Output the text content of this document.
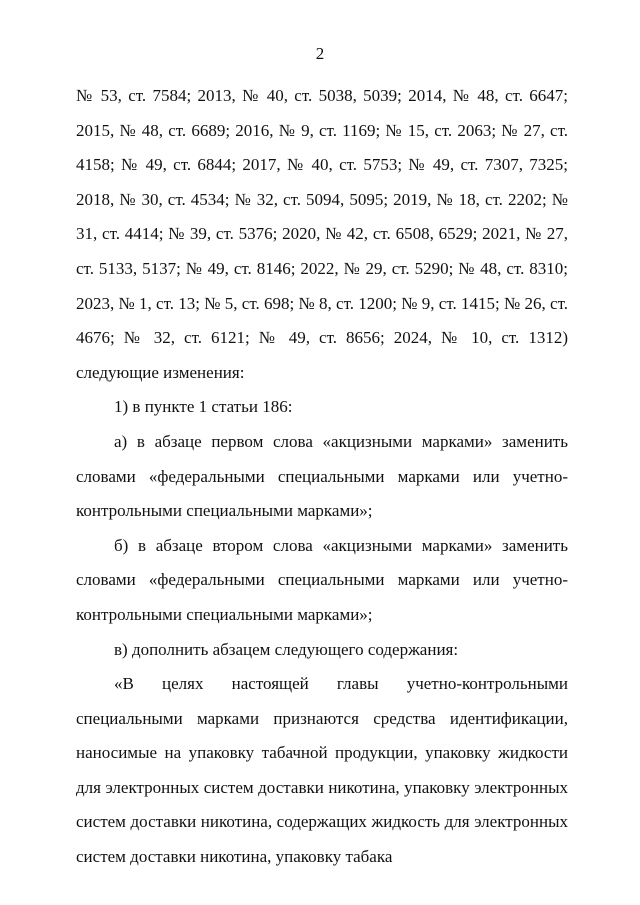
2

№ 53, ст. 7584; 2013, № 40, ст. 5038, 5039; 2014, № 48, ст. 6647; 2015, № 48, ст. 6689; 2016, № 9, ст. 1169; № 15, ст. 2063; № 27, ст. 4158; № 49, ст. 6844; 2017, № 40, ст. 5753; № 49, ст. 7307, 7325; 2018, № 30, ст. 4534; № 32, ст. 5094, 5095; 2019, № 18, ст. 2202; № 31, ст. 4414; № 39, ст. 5376; 2020, № 42, ст. 6508, 6529; 2021, № 27, ст. 5133, 5137; № 49, ст. 8146; 2022, № 29, ст. 5290; № 48, ст. 8310; 2023, № 1, ст. 13; № 5, ст. 698; № 8, ст. 1200; № 9, ст. 1415; № 26, ст. 4676; № 32, ст. 6121; № 49, ст. 8656; 2024, № 10, ст. 1312) следующие изменения:

1) в пункте 1 статьи 186:

а) в абзаце первом слова «акцизными марками» заменить словами «федеральными специальными марками или учетно-контрольными специальными марками»;

б) в абзаце втором слова «акцизными марками» заменить словами «федеральными специальными марками или учетно-контрольными специальными марками»;

в) дополнить абзацем следующего содержания:

«В целях настоящей главы учетно-контрольными специальными марками признаются средства идентификации, наносимые на упаковку табачной продукции, упаковку жидкости для электронных систем доставки никотина, упаковку электронных систем доставки никотина, содержащих жидкость для электронных систем доставки никотина, упаковку табака
